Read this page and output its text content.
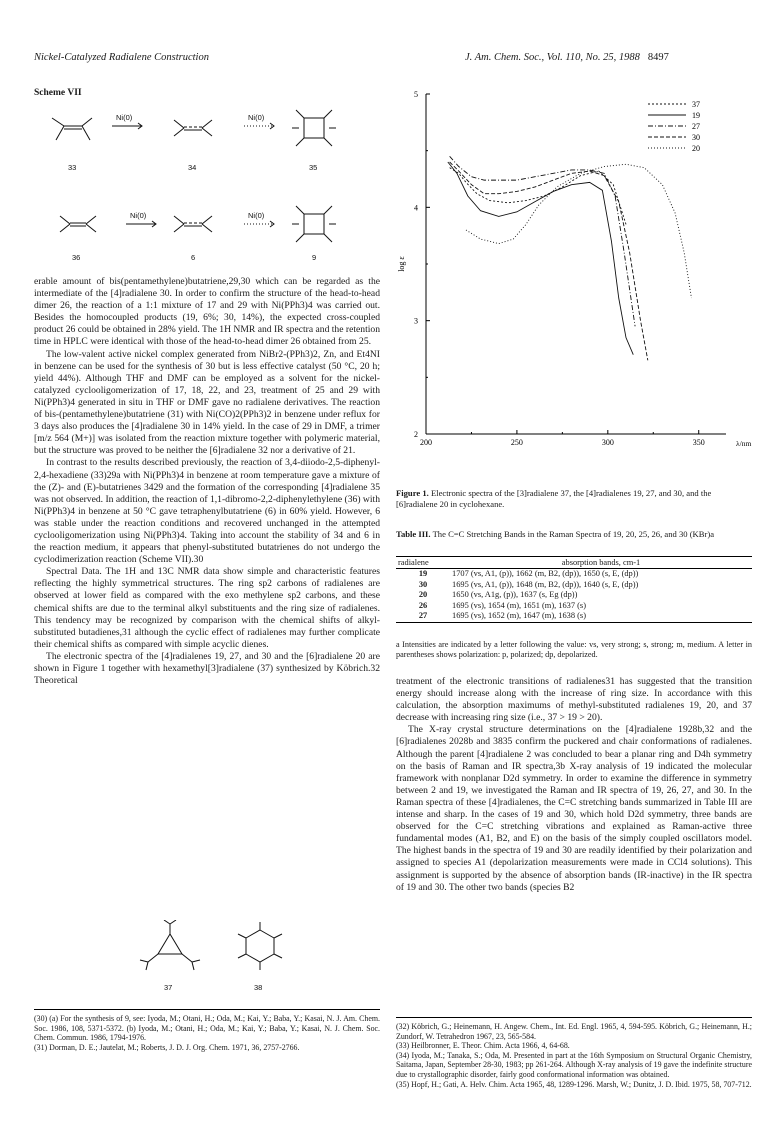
Nickel-Catalyzed Radialene Construction	J. Am. Chem. Soc., Vol. 110, No. 25, 1988 8497
Scheme VII
Ni(0)	Ni(0)
Ni(0)	Ni(0)
33	34	35
36	6	9

erable amount of bis(pentamethylene)butatriene,29,30 which can be regarded as the intermediate of the [4]radialene 30. In order to confirm the structure of the head-to-head dimer 26, the reaction of a 1:1 mixture of 17 and 29 with Ni(PPh3)4 was carried out. Besides the homocoupled products (19, 6%; 30, 14%), the expected cross-coupled product 26 could be obtained in 28% yield. The 1H NMR and IR spectra and the retention time in HPLC were identical with those of the head-to-head dimer 26 obtained from 25.

The low-valent active nickel complex generated from NiBr2-(PPh3)2, Zn, and Et4NI in benzene can be used for the synthesis of 30 but is less effective catalyst (50 °C, 20 h; yield 44%). Although THF and DMF can be employed as a solvent for the nickel-catalyzed cyclooligomerization of 17, 18, 22, and 23, treatment of 25 and 29 with Ni(PPh3)4 generated in situ in THF or DMF gave no radialene derivatives. The reaction of bis-(pentamethylene)butatriene (31) with Ni(CO)2(PPh3)2 in benzene under reflux for 3 days also produces the [4]radialene 30 in 14% yield. In the case of 29 in DMF, a trimer [m/z 564 (M+)] was isolated from the reaction mixture together with polymeric material, but the structure was proved to be neither the [6]radialene 32 nor a derivative of 21.

In contrast to the results described previously, the reaction of 3,4-diiodo-2,5-diphenyl-2,4-hexadiene (33)29a with Ni(PPh3)4 in benzene at room temperature gave a mixture of the (Z)- and (E)-butatrienes 3429 and the formation of the corresponding [4]radialene 35 was not observed. In addition, the reaction of 1,1-dibromo-2,2-diphenylethylene (36) with Ni(PPh3)4 in benzene at 50 °C gave tetraphenylbutatriene (6) in 60% yield. However, 6 was stable under the reaction conditions and recovered unchanged in the attempted cyclooligomerization using Ni(PPh3)4. Taking into account the stability of 34 and 6 in the reaction medium, it appears that phenyl-substituted butatrienes do not undergo the cyclodimerization reaction (Scheme VII).30

Spectral Data. The 1H and 13C NMR data show simple and characteristic features reflecting the highly symmetrical structures. The ring sp2 carbons of radialenes are observed at lower field as compared with the exo methylene sp2 carbons, and these chemical shifts are due to the terminal alkyl substituents and the ring size of radialenes. This tendency may be recognized by comparison with the chemical shifts of alkyl-substituted butadienes,31 although the cyclic effect of radialenes may further complicate their chemical shifts as compared with simple acyclic dienes.

The electronic spectra of the [4]radialenes 19, 27, and 30 and the [6]radialene 20 are shown in Figure 1 together with hexamethyl[3]radialene (37) synthesized by Köbrich.32 Theoretical

37	38
(30) (a) For the synthesis of 9, see: Iyoda, M.; Otani, H.; Oda, M.; Kai, Y.; Baba, Y.; Kasai, N. J. Am. Chem. Soc. 1986, 108, 5371-5372. (b) Iyoda, M.; Otani, H.; Oda, M.; Kai, Y.; Baba, Y.; Kasai, N. J. Chem. Soc. Chem. Commun. 1986, 1794-1976.
(31) Dorman, D. E.; Jautelat, M.; Roberts, J. D. J. Org. Chem. 1971, 36, 2757-2766.
2
3
4
5
200	250	300	350	λ/nm
log ε
37
19
27
30
20
Figure 1. Electronic spectra of the [3]radialene 37, the [4]radialenes 19, 27, and 30, and the [6]radialene 20 in cyclohexane.
Table III. The C=C Stretching Bands in the Raman Spectra of 19, 20, 25, 26, and 30 (KBr)a
radialene	absorption bands, cm-1
19	1707 (vs, A1, (p)), 1662 (m, B2, (dp)), 1650 (s, E, (dp))
30	1695 (vs, A1, (p)), 1648 (m, B2, (dp)), 1640 (s, E, (dp))
20	1650 (vs, A1g, (p)), 1637 (s, Eg (dp))
26	1695 (vs), 1654 (m), 1651 (m), 1637 (s)
27	1695 (vs), 1652 (m), 1647 (m), 1638 (s)
a Intensities are indicated by a letter following the value: vs, very strong; s, strong; m, medium. A letter in parentheses shows polarization: p, polarized; dp, depolarized.

treatment of the electronic transitions of radialenes31 has suggested that the transition energy should increase along with the increase of ring size. In accordance with this calculation, the absorption maximums of methyl-substituted radialenes 19, 20, and 37 decrease with increasing ring size (i.e., 37 > 19 > 20).

The X-ray crystal structure determinations on the [4]radialene 1928b,32 and the [6]radialenes 2028b and 3835 confirm the puckered and chair conformations of radialenes. Although the parent [4]radialene 2 was concluded to bear a planar ring and D4h symmetry on the basis of Raman and IR spectra,3b X-ray analysis of 19 indicated the molecular framework with nonplanar D2d symmetry. In order to examine the difference in symmetry between 2 and 19, we investigated the Raman and IR spectra of 19, 26, 27, and 30. In the Raman spectra of these [4]radialenes, the C=C stretching bands summarized in Table III are intense and sharp. In the cases of 19 and 30, which hold D2d symmetry, three bands are observed for the C=C stretching vibrations and explained as Raman-active three fundamental modes (A1, B2, and E) on the basis of the simply coupled oscillators model. The highest bands in the spectra of 19 and 30 are readily identified by their polarization and assigned to species A1 (depolarization measurements were made in CCl4 solutions). This assignment is supported by the absence of absorption bands (IR-inactive) in the IR spectra of 19 and 30. The other two bands (species B2

(32) Köbrich, G.; Heinemann, H. Angew. Chem., Int. Ed. Engl. 1965, 4, 594-595. Köbrich, G.; Heinemann, H.; Zundorf, W. Tetrahedron 1967, 23, 565-584.
(33) Heilbronner, E. Theor. Chim. Acta 1966, 4, 64-68.
(34) Iyoda, M.; Tanaka, S.; Oda, M. Presented in part at the 16th Symposium on Structural Organic Chemistry, Saitama, Japan, September 28-30, 1983; pp 261-264. Although X-ray analysis of 19 gave the indefinite structure due to crystallographic disorder, fairly good conformational information was obtained.
(35) Hopf, H.; Gati, A. Helv. Chim. Acta 1965, 48, 1289-1296. Marsh, W.; Dunitz, J. D. Ibid. 1975, 58, 707-712.
